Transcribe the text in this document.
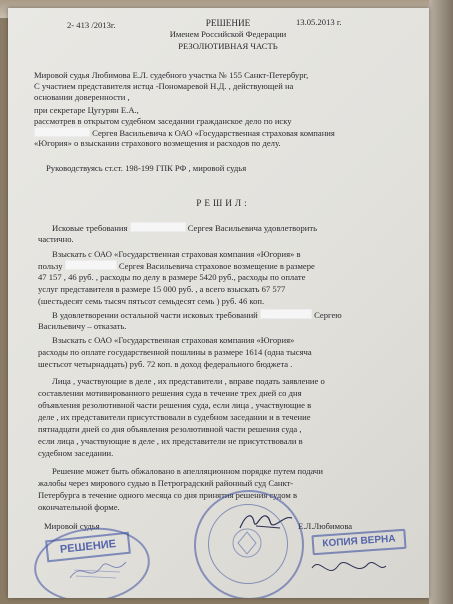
2- 413 /2013г.	13.05.2013 г.
РЕШЕНИЕ
Именем Российской Федерации
РЕЗОЛЮТИВНАЯ ЧАСТЬ
Мировой судья Любимова Е.Л. судебного участка № 155 Санкт-Петербург,
С участием представителя истца -Пономаревой Н.Д. , действующей на
основании доверенности ,
при секретаре Цугурян Е.А.,
рассмотрев в открытом судебном заседании гражданское дело по иску
Сергея Васильевича к ОАО «Государственная страховая компания
«Югория» о взыскании страхового возмещения и расходов по делу.
Руководствуясь ст.ст. 198-199 ГПК РФ , мировой судья
РЕШИЛ:
Исковые требования	Сергея Васильевича удовлетворить
частично.
Взыскать с ОАО «Государственная страховая компания «Югория» в
пользу	Сергея Васильевича страховое возмещение в размере
47 157 , 46 руб. , расходы по делу в размере 5420 руб., расходы по оплате
услуг представителя в размере 15 000 руб. , а всего взыскать 67 577
(шестьдесят семь тысяч пятьсот семьдесят семь ) руб. 46 коп.
В удовлетворении остальной части исковых требований	Сергею
Васильевичу – отказать.
Взыскать с ОАО «Государственная страховая компания «Югория»
расходы по оплате государственной пошлины в размере 1614 (одна тысяча
шестьсот четырнадцать) руб. 72 коп. в доход федерального бюджета .
Лица , участвующие в деле , их представители , вправе подать заявление о
составлении мотивированного решения суда в течение трех дней со дня
объявления резолютивной части решения суда, если лица , участвующие в
деле , их представители присутствовали в судебном заседании и в течение
пятнадцати дней со дня объявления резолютивной части решения суда ,
если лица , участвующие в деле , их представители не присутствовали в
судебном заседании.
Решение может быть обжаловано в апелляционном порядке путем подачи
жалобы через мирового судью в Петроградский районный суд Санкт-
Петербурга в течение одного месяца со дня принятия решения судом в
окончательной форме.
Мировой судья	Е.Л.Любимова
РЕШЕНИЕ	КОПИЯ ВЕРНА
